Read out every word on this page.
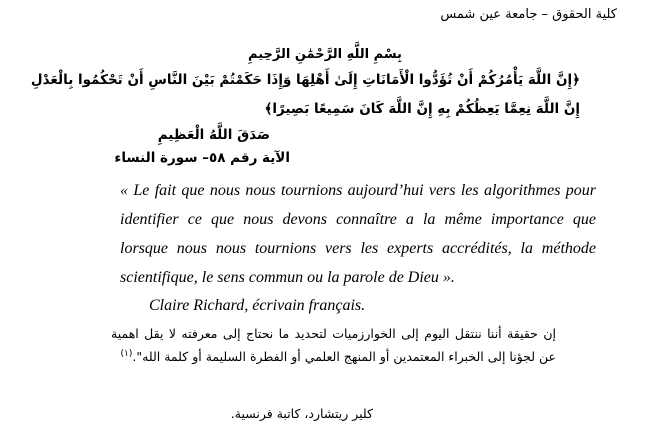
كلية الحقوق – جامعة عين شمس
بِسْمِ اللَّهِ الرَّحْمَٰنِ الرَّحِيمِ
﴿إِنَّ اللَّهَ يَأْمُرُكُمْ أَنْ تُؤَدُّوا الْأَمَانَاتِ إِلَىٰ أَهْلِهَا وَإِذَا حَكَمْتُمْ بَيْنَ النَّاسِ أَنْ تَحْكُمُوا بِالْعَدْلِ
إِنَّ اللَّهَ نِعِمَّا يَعِظُكُمْ بِهِ إِنَّ اللَّهَ كَانَ سَمِيعًا بَصِيرًا﴾
صَدَقَ اللَّهُ الْعَظِيمِ
الآية رقم ٥٨– سورة النساء
« Le fait que nous nous tournions aujourd’hui vers les algorithmes pour identifier ce que nous devons connaître a la même importance que lorsque nous nous tournions vers les experts accrédités, la méthode scientifique, le sens commun ou la parole de Dieu ».
Claire Richard, écrivain français.
إن حقيقة أننا ننتقل اليوم إلى الخوارزميات لتحديد ما نحتاج إلى معرفته لا يقل اهمية عن لجؤنا إلى الخبراء المعتمدين أو المنهج العلمي أو الفطرة السليمة أو كلمة الله".$^{(١)}$
كلير ريتشارد، كاتبة فرنسية.
